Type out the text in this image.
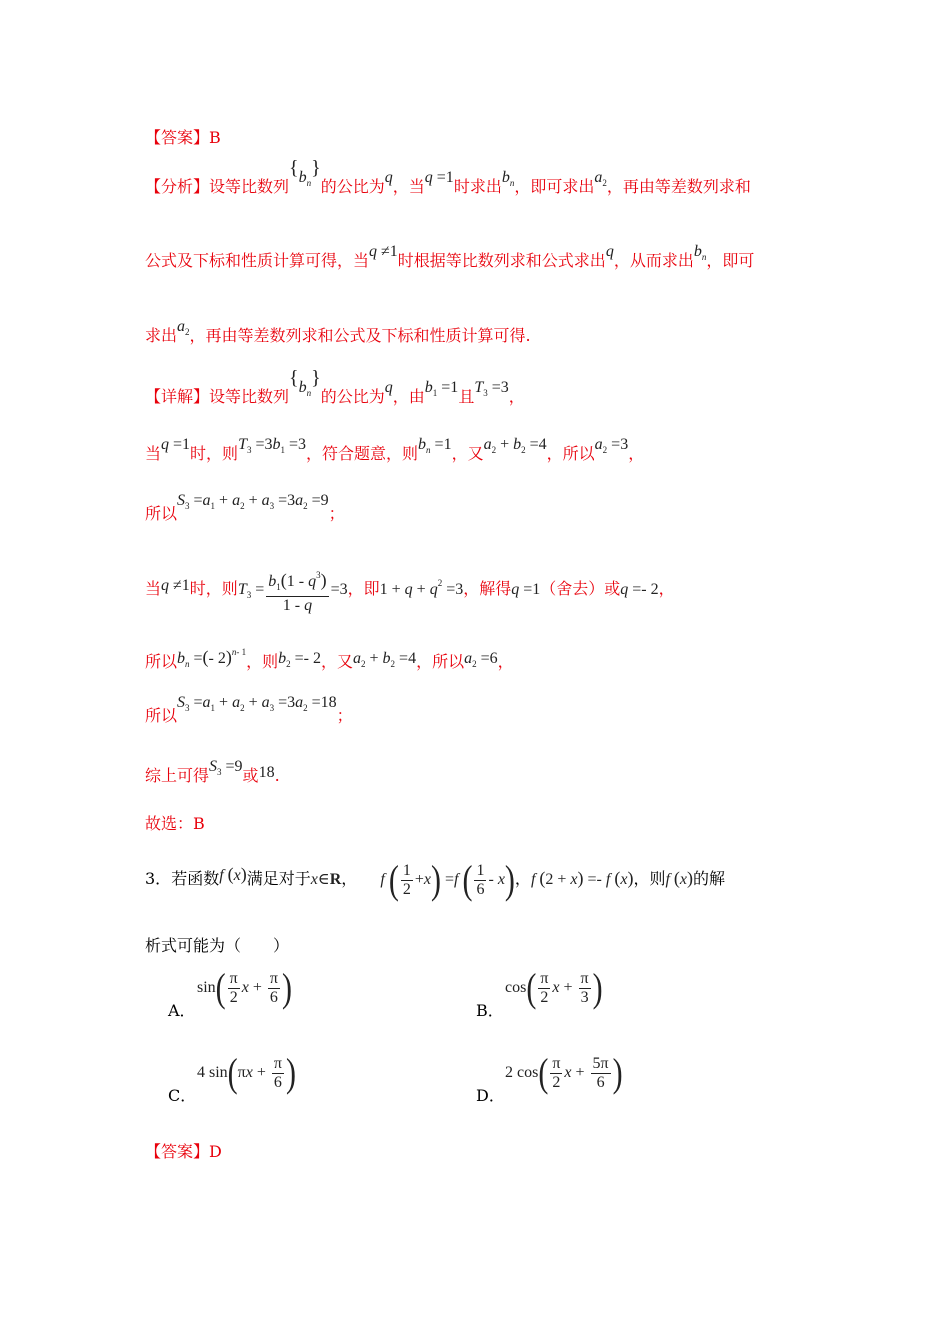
【答案】B
【分析】设等比数列$\{b_n\}$的公比为q，当q =1时求出$b_n$，即可求出$a_2$，再由等差数列求和
公式及下标和性质计算可得，当q ≠1时根据等比数列求和公式求出q，从而求出$b_n$，即可
求出$a_2$，再由等差数列求和公式及下标和性质计算可得.
【详解】设等比数列$\{b_n\}$的公比为q，由$b_1 =1$且$T_3 =3$，
当q =1时，则$T_3 =3b_1 =3$，符合题意，则$b_n =1$，又$a_2 + b_2 =4$，所以$a_2 =3$，
所以$S_3 =a_1 + a_2 + a_3 =3a_2 =9$；
当q ≠1时，则$T_3 = \frac{b_1(1 - q^3)}{1 - q} =3$，即$1 + q + q^2 =3$，解得q =1（舍去）或q =- 2，
所以$b_n$ =(- 2)$^{n- 1}$，则$b_2 =- 2$，又$a_2 + b_2 =4$，所以$a_2 =6$，
所以$S_3 =a_1 + a_2 + a_3 =3a_2 =18$；
综上可得$S_3 =9$或18.
故选：B
3．若函数f (x)满足对于x∈R， f ( $\frac{1}{2} +x) =f$ ( $\frac{1}{6} - x$)，f (2 + x) =- f (x)，则f (x)的解
析式可能为（　　）
A．
$\sin( \frac{\pi}{2}$ $x + \frac{\pi}{6}$ )
B．
$\cos( \frac{\pi}{2}$ $x + \frac{\pi}{3}$ )
C．
4 $\sin(\pi x + \frac{\pi}{6}$ )
D．
2 $\cos( \frac{\pi}{2}$ $x + \frac{5\pi}{6}$ )
【答案】D
